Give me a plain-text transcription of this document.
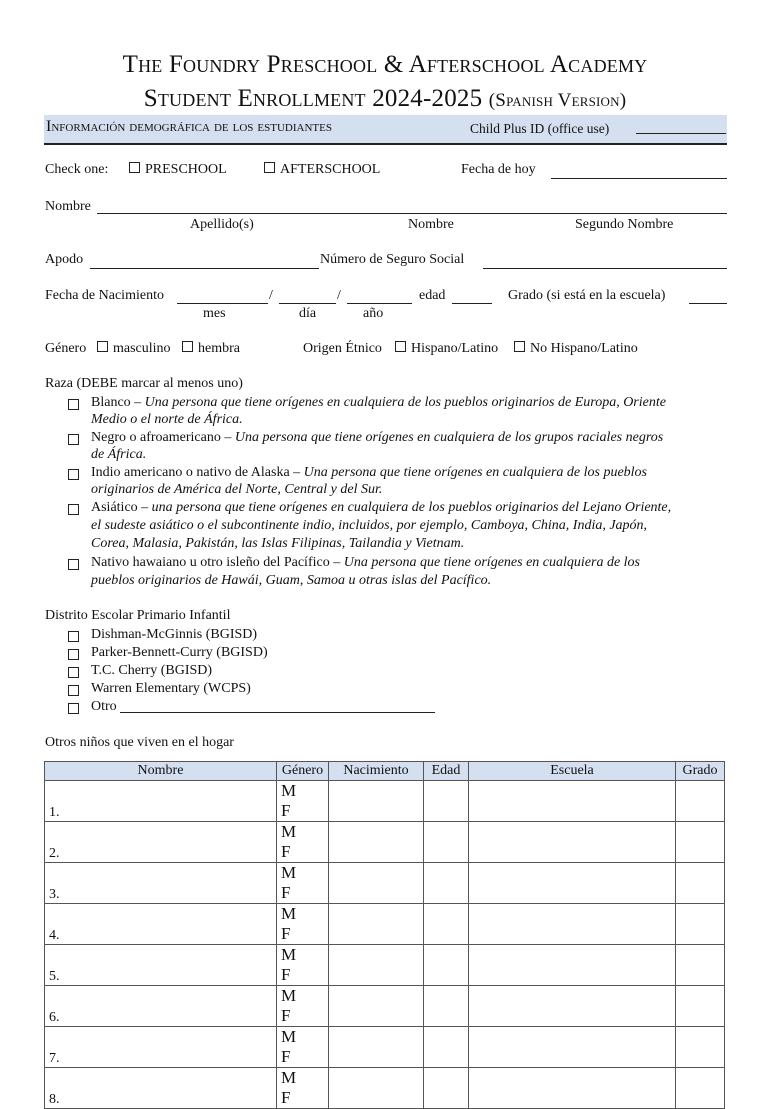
The Foundry Preschool & Afterschool Academy
Student Enrollment 2024-2025 (Spanish Version)
Información demográfica de los estudiantes	Child Plus ID (office use)
Check one:	PRESCHOOL	AFTERSCHOOL	Fecha de hoy
Nombre
Apellido(s)	Nombre	Segundo Nombre
Apodo	Número de Seguro Social
Fecha de Nacimiento	/	/	edad	Grado (si está en la escuela)
mes	día	año
Género	masculino	hembra	Origen Étnico	Hispano/Latino	No Hispano/Latino
Raza (DEBE marcar al menos uno)
Blanco – Una persona que tiene orígenes en cualquiera de los pueblos originarios de Europa, Oriente
Medio o el norte de África.
Negro o afroamericano – Una persona que tiene orígenes en cualquiera de los grupos raciales negros
de África.
Indio americano o nativo de Alaska – Una persona que tiene orígenes en cualquiera de los pueblos
originarios de América del Norte, Central y del Sur.
Asiático – una persona que tiene orígenes en cualquiera de los pueblos originarios del Lejano Oriente,
el sudeste asiático o el subcontinente indio, incluidos, por ejemplo, Camboya, China, India, Japón,
Corea, Malasia, Pakistán, las Islas Filipinas, Tailandia y Vietnam.
Nativo hawaiano u otro isleño del Pacífico – Una persona que tiene orígenes en cualquiera de los
pueblos originarios de Hawái, Guam, Samoa u otras islas del Pacífico.
Distrito Escolar Primario Infantil
Dishman-McGinnis (BGISD)
Parker-Bennett-Curry (BGISD)
T.C. Cherry (BGISD)
Warren Elementary (WCPS)
Otro
Otros niños que viven en el hogar
Nombre	Género	Nacimiento	Edad	Escuela	Grado
1.	M F				
2.	M F				
3.	M F				
4.	M F				
5.	M F				
6.	M F				
7.	M F				
8.	M F				
